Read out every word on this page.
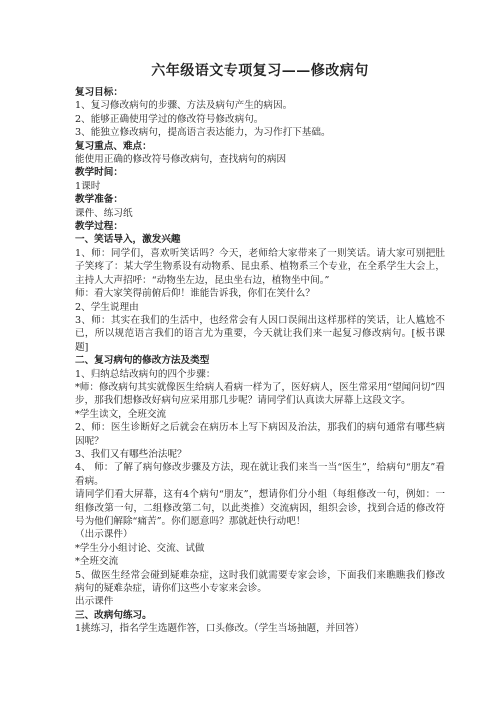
六年级语文专项复习——修改病句

复习目标：

1、复习修改病句的步骤、方法及病句产生的病因。

2、能够正确使用学过的修改符号修改病句。

3、能独立修改病句，提高语言表达能力，为习作打下基础。

复习重点、难点：

能使用正确的修改符号修改病句，查找病句的病因

教学时间：

1课时

教学准备：

课件、练习纸

教学过程：

一、笑话导入，激发兴趣

1、师：同学们，喜欢听笑话吗？今天，老师给大家带来了一则笑话。请大家可别把肚子笑疼了：某大学生物系设有动物系、昆虫系、植物系三个专业，在全系学生大会上，主持人大声招呼：“动物坐左边，昆虫坐右边，植物坐中间。”

师：看大家笑得前俯后仰！谁能告诉我，你们在笑什么？

2、学生说理由

3、师：其实在我们的生活中，也经常会有人因口误闹出这样那样的笑话，让人尴尬不已，所以规范语言我们的语言尤为重要，今天就让我们来一起复习修改病句。[板书课题]

二、复习病句的修改方法及类型

1、归纳总结改病句的四个步骤：

*师：修改病句其实就像医生给病人看病一样为了，医好病人，医生常采用“望闻问切”四步，那我们想修改好病句应采用那几步呢？请同学们认真读大屏幕上这段文字。

*学生读文，全班交流

2、师：医生诊断好之后就会在病历本上写下病因及治法，那我们的病句通常有哪些病因呢？

3、我们又有哪些治法呢？

4、 师：了解了病句修改步骤及方法，现在就让我们来当一当“医生”，给病句“朋友”看看病。

请同学们看大屏幕，这有4个病句“朋友”，想请你们分小组（每组修改一句，例如：一组修改第一句，二组修改第二句，以此类推）交流病因，组织会诊，找到合适的修改符号为他们解除“痛苦”。你们愿意吗？那就赶快行动吧！

（出示课件）

*学生分小组讨论、交流、试做

*全班交流

5、做医生经常会碰到疑难杂症，这时我们就需要专家会诊，下面我们来瞧瞧我们修改病句的疑难杂症，请你们这些小专家来会诊。

出示课件

三、改病句练习。

1挑练习，指名学生选题作答，口头修改。（学生当场抽题，并回答）
